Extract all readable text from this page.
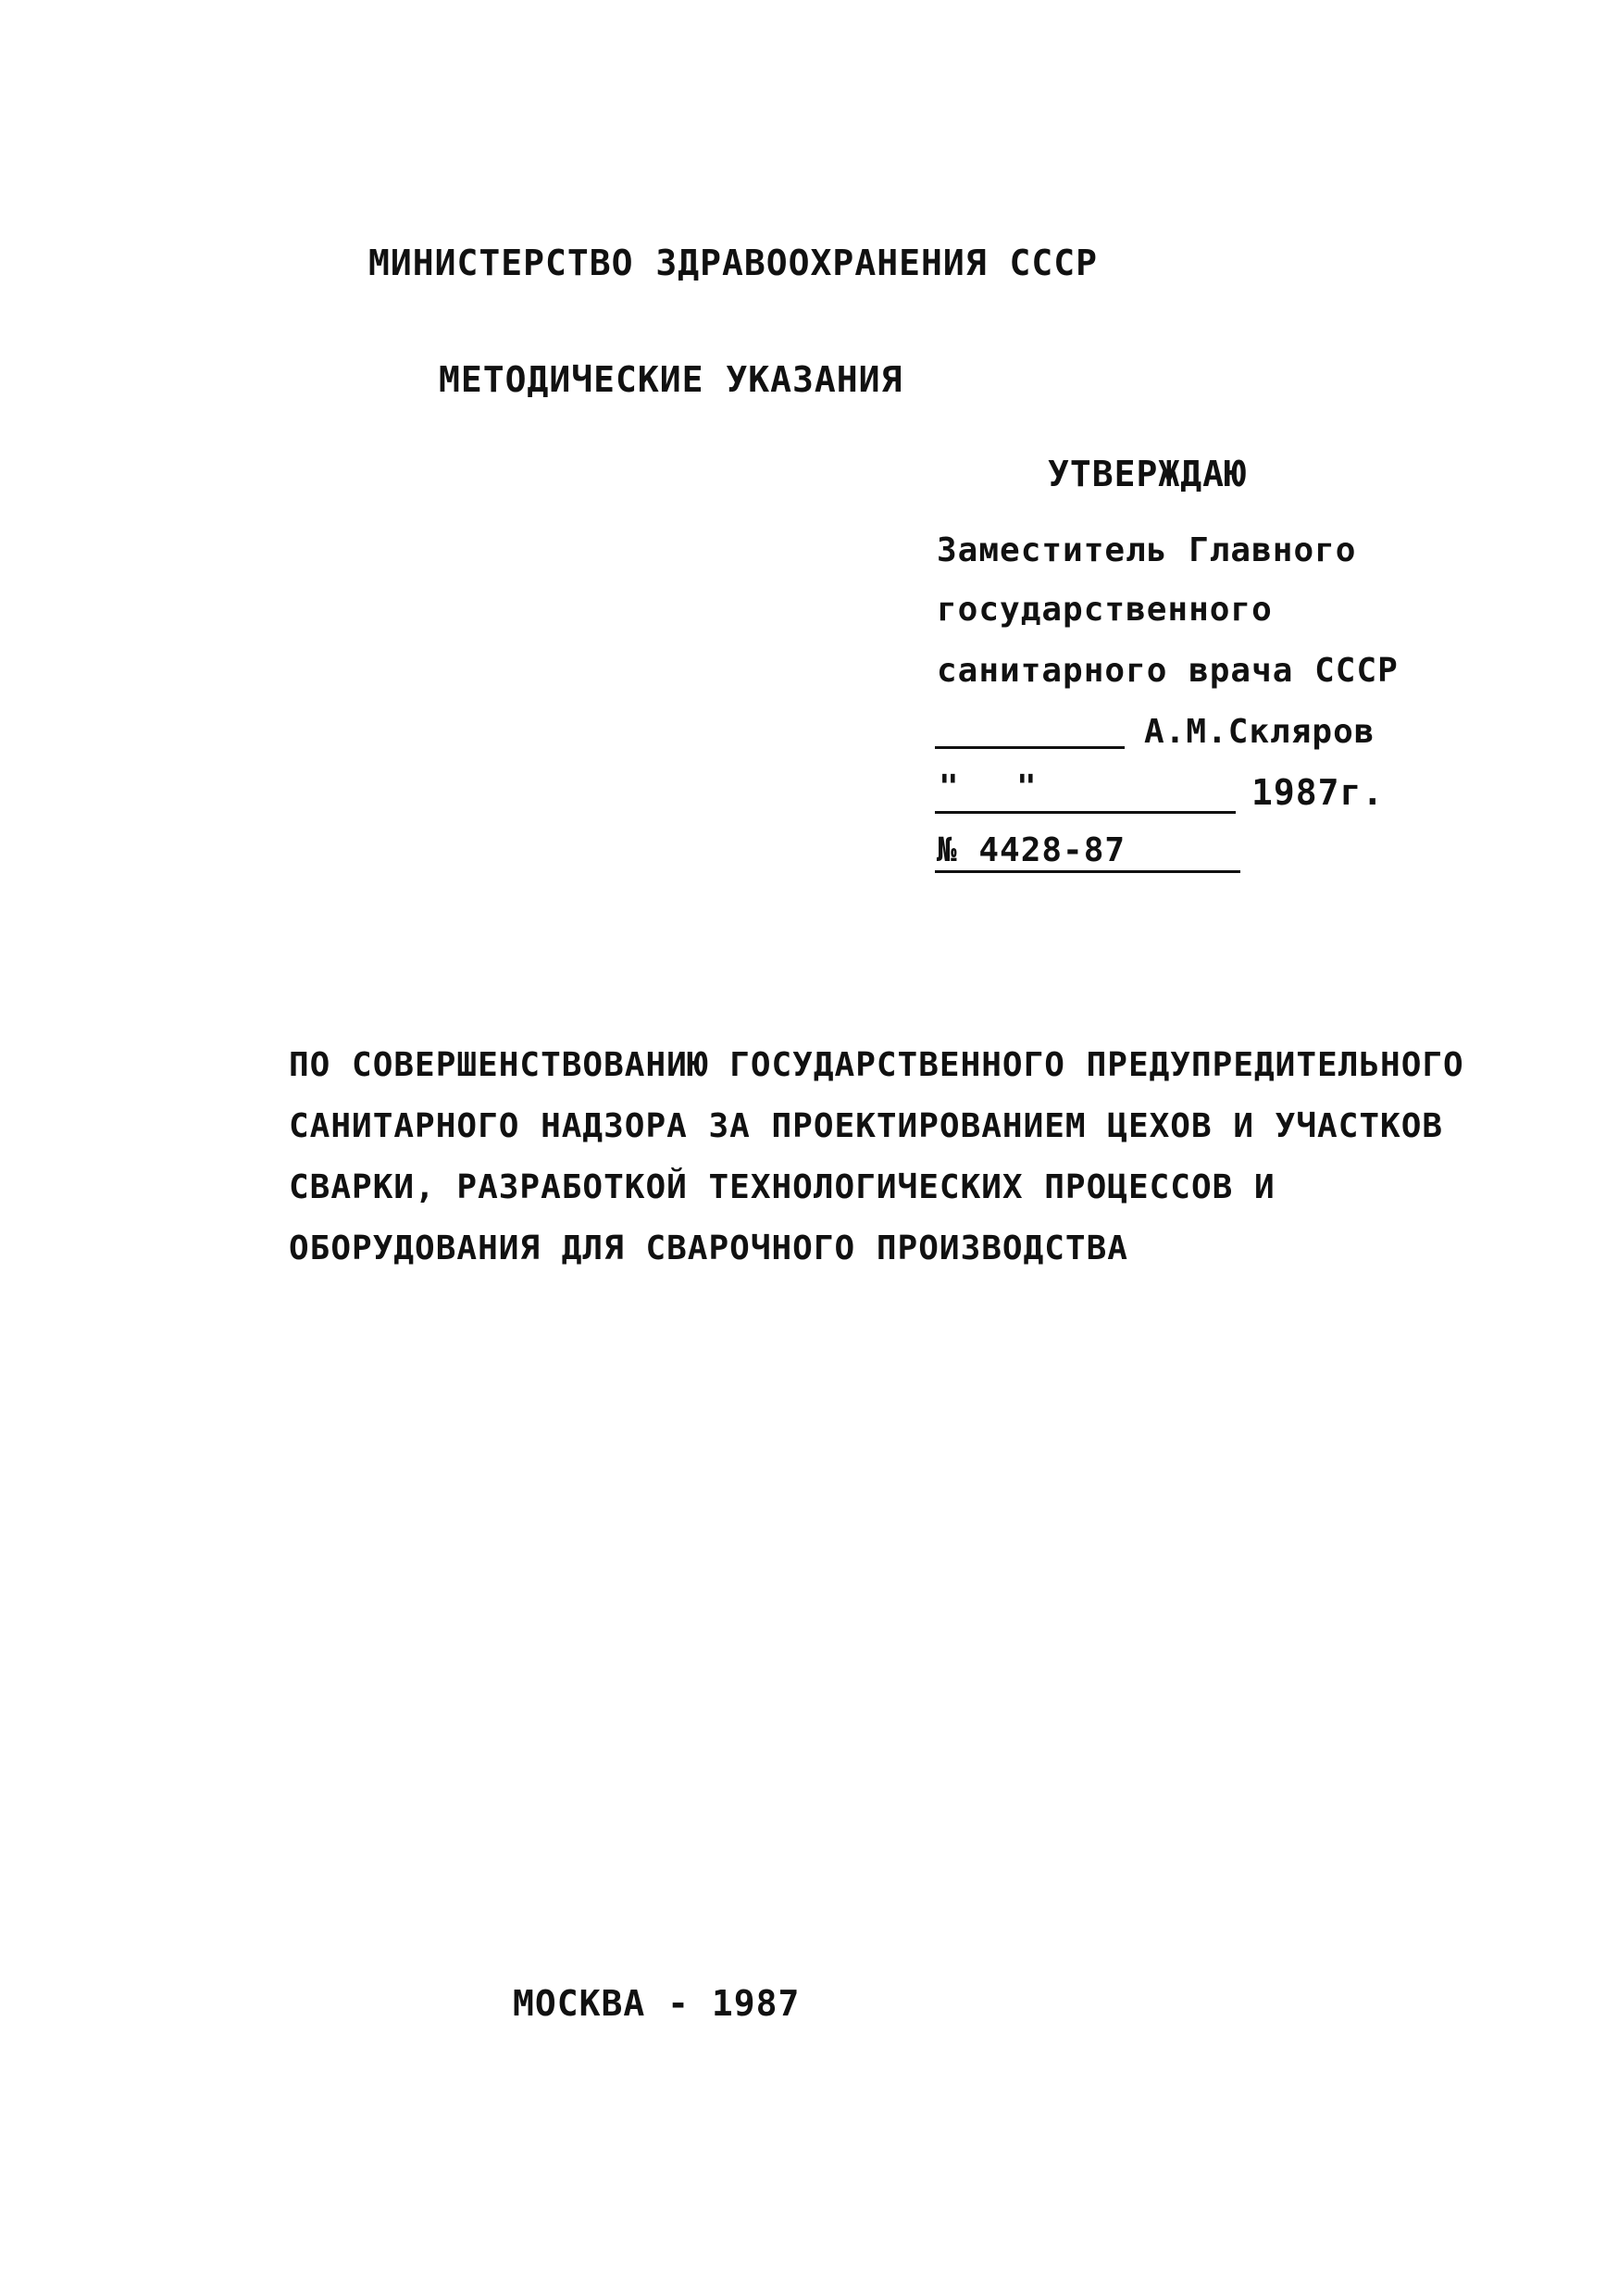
МИНИСТЕРСТВО ЗДРАВООХРАНЕНИЯ СССР
МЕТОДИЧЕСКИЕ УКАЗАНИЯ
УТВЕРЖДАЮ
Заместитель Главного
государственного
санитарного врача СССР
А.М.Скляров
" "	1987г.
№ 4428-87
ПО СОВЕРШЕНСТВОВАНИЮ ГОСУДАРСТВЕННОГО ПРЕДУПРЕДИТЕЛЬНОГО
САНИТАРНОГО НАДЗОРА ЗА ПРОЕКТИРОВАНИЕМ ЦЕХОВ И УЧАСТКОВ
СВАРКИ, РАЗРАБОТКОЙ ТЕХНОЛОГИЧЕСКИХ ПРОЦЕССОВ И
ОБОРУДОВАНИЯ ДЛЯ СВАРОЧНОГО ПРОИЗВОДСТВА
МОСКВА - 1987
